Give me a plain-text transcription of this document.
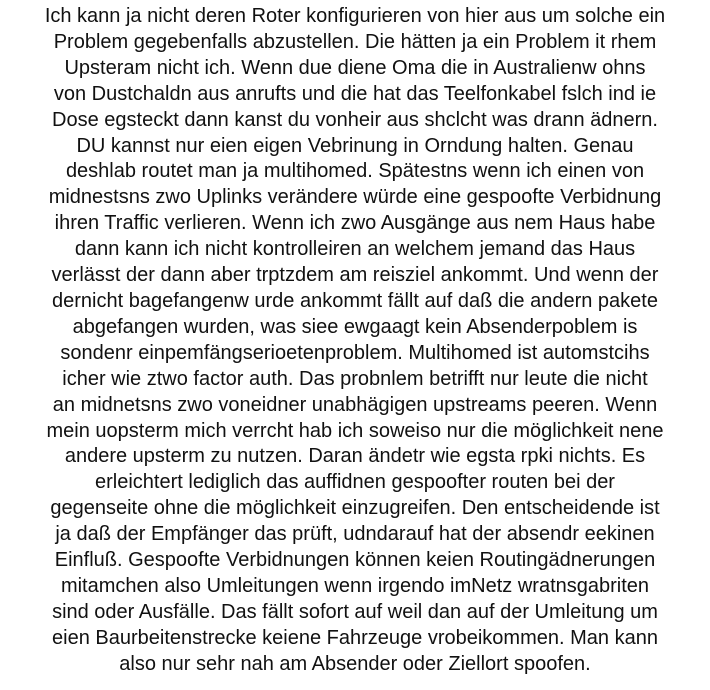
Ich kann ja nicht deren Roter konfigurieren von hier aus um solche ein
Problem gegebenfalls abzustellen. Die hätten ja ein Problem it rhem
Upsteram nicht ich. Wenn due diene Oma die in Australienw ohns
von Dustchaldn aus anrufts und die hat das Teelfonkabel fslch ind ie
Dose egsteckt dann kanst du vonheir aus shclcht was drann ädnern.
DU kannst nur eien eigen Vebrinung in Orndung halten. Genau
deshlab routet man ja multihomed. Spätestns wenn ich einen von
midnestsns zwo Uplinks verändere würde eine gespoofte Verbidnung
ihren Traffic verlieren. Wenn ich zwo Ausgänge aus nem Haus habe
dann kann ich nicht kontrolleiren an welchem jemand das Haus
verlässt der dann aber trptzdem am reisziel ankommt. Und wenn der
dernicht bagefangenw urde ankommt fällt auf daß die andern pakete
abgefangen wurden, was siee ewgaagt kein Absenderpoblem is
sondenr einpemfängserioetenproblem. Multihomed ist automstcihs
icher wie ztwo factor auth. Das probnlem betrifft nur leute die nicht
an midnetsns zwo voneidner unabhägigen upstreams peeren. Wenn
mein uopsterm mich verrcht hab ich soweiso nur die möglichkeit nene
andere upsterm zu nutzen. Daran ändetr wie egsta rpki nichts. Es
erleichtert lediglich das auffidnen gespoofter routen bei der
gegenseite ohne die möglichkeit einzugreifen. Den entscheidende ist
ja daß der Empfänger das prüft, udndarauf hat der absendr eekinen
Einfluß. Gespoofte Verbidnungen können keien Routingädnerungen
mitamchen also Umleitungen wenn irgendo imNetz wratnsgabriten
sind oder Ausfälle. Das fällt sofort auf weil dan auf der Umleitung um
eien Baurbeitenstrecke keiene Fahrzeuge vrobeikommen. Man kann
also nur sehr nah am Absender oder Ziellort spoofen.
